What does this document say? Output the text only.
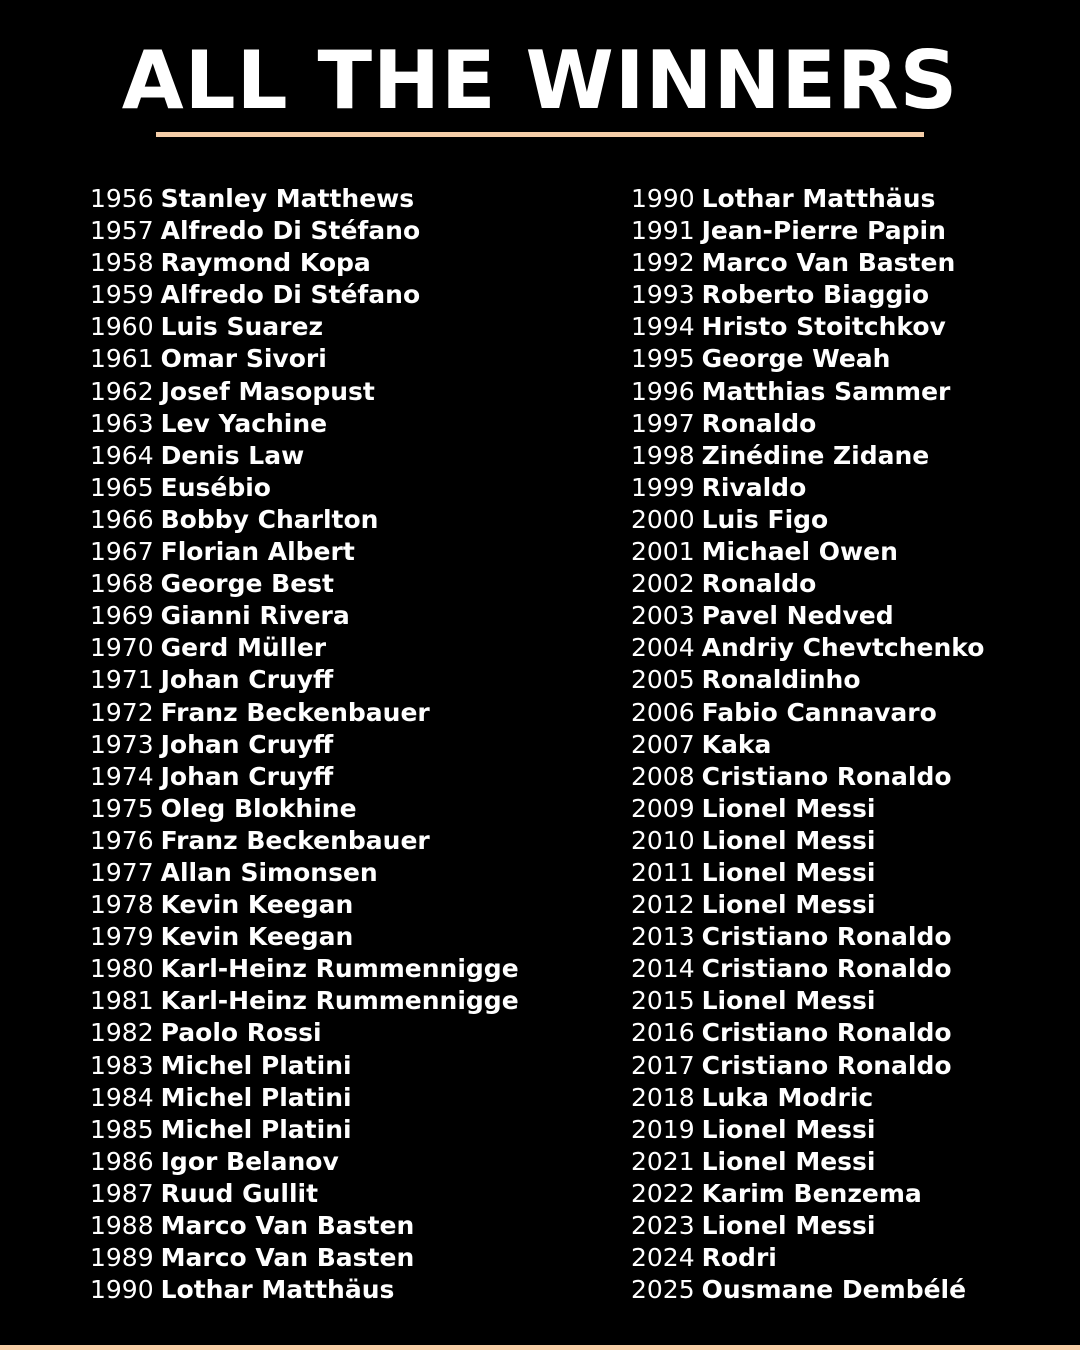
ALL THE WINNERS
1956 Stanley Matthews
1957 Alfredo Di Stéfano
1958 Raymond Kopa
1959 Alfredo Di Stéfano
1960 Luis Suarez
1961 Omar Sivori
1962 Josef Masopust
1963 Lev Yachine
1964 Denis Law
1965 Eusébio
1966 Bobby Charlton
1967 Florian Albert
1968 George Best
1969 Gianni Rivera
1970 Gerd Müller
1971 Johan Cruyff
1972 Franz Beckenbauer
1973 Johan Cruyff
1974 Johan Cruyff
1975 Oleg Blokhine
1976 Franz Beckenbauer
1977 Allan Simonsen
1978 Kevin Keegan
1979 Kevin Keegan
1980 Karl-Heinz Rummennigge
1981 Karl-Heinz Rummennigge
1982 Paolo Rossi
1983 Michel Platini
1984 Michel Platini
1985 Michel Platini
1986 Igor Belanov
1987 Ruud Gullit
1988 Marco Van Basten
1989 Marco Van Basten
1990 Lothar Matthäus
1990 Lothar Matthäus
1991 Jean-Pierre Papin
1992 Marco Van Basten
1993 Roberto Biaggio
1994 Hristo Stoitchkov
1995 George Weah
1996 Matthias Sammer
1997 Ronaldo
1998 Zinédine Zidane
1999 Rivaldo
2000 Luis Figo
2001 Michael Owen
2002 Ronaldo
2003 Pavel Nedved
2004 Andriy Chevtchenko
2005 Ronaldinho
2006 Fabio Cannavaro
2007 Kaka
2008 Cristiano Ronaldo
2009 Lionel Messi
2010 Lionel Messi
2011 Lionel Messi
2012 Lionel Messi
2013 Cristiano Ronaldo
2014 Cristiano Ronaldo
2015 Lionel Messi
2016 Cristiano Ronaldo
2017 Cristiano Ronaldo
2018 Luka Modric
2019 Lionel Messi
2021 Lionel Messi
2022 Karim Benzema
2023 Lionel Messi
2024 Rodri
2025 Ousmane Dembélé
